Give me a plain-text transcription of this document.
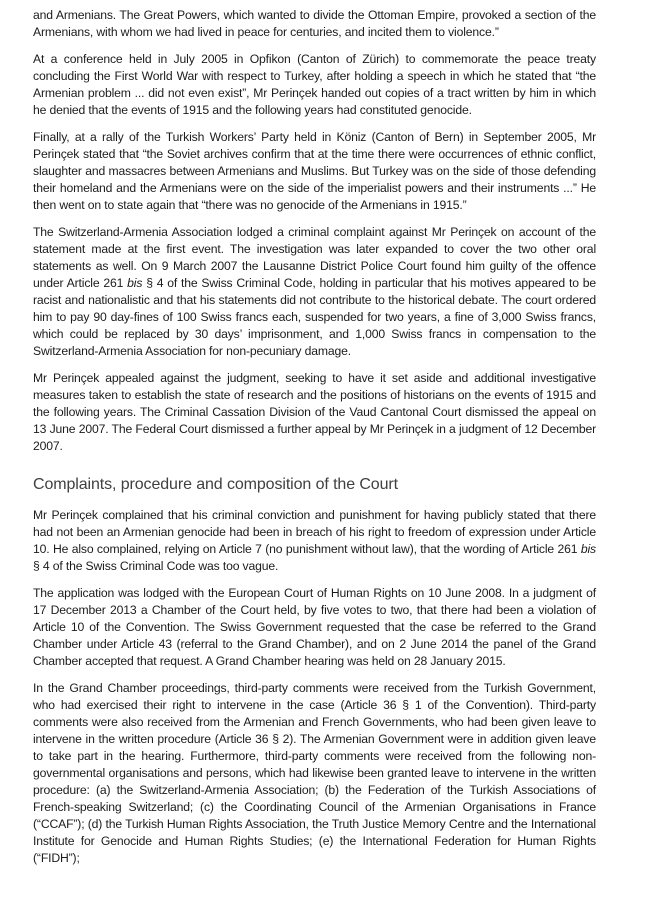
and Armenians. The Great Powers, which wanted to divide the Ottoman Empire, provoked a section of the Armenians, with whom we had lived in peace for centuries, and incited them to violence.”

At a conference held in July 2005 in Opfikon (Canton of Zürich) to commemorate the peace treaty concluding the First World War with respect to Turkey, after holding a speech in which he stated that “the Armenian problem ... did not even exist”, Mr Perinçek handed out copies of a tract written by him in which he denied that the events of 1915 and the following years had constituted genocide.

Finally, at a rally of the Turkish Workers’ Party held in Köniz (Canton of Bern) in September 2005, Mr Perinçek stated that “the Soviet archives confirm that at the time there were occurrences of ethnic conflict, slaughter and massacres between Armenians and Muslims. But Turkey was on the side of those defending their homeland and the Armenians were on the side of the imperialist powers and their instruments ...” He then went on to state again that “there was no genocide of the Armenians in 1915.”

The Switzerland-Armenia Association lodged a criminal complaint against Mr Perinçek on account of the statement made at the first event. The investigation was later expanded to cover the two other oral statements as well. On 9 March 2007 the Lausanne District Police Court found him guilty of the offence under Article 261 bis § 4 of the Swiss Criminal Code, holding in particular that his motives appeared to be racist and nationalistic and that his statements did not contribute to the historical debate. The court ordered him to pay 90 day-fines of 100 Swiss francs each, suspended for two years, a fine of 3,000 Swiss francs, which could be replaced by 30 days’ imprisonment, and 1,000 Swiss francs in compensation to the Switzerland-Armenia Association for non-pecuniary damage.

Mr Perinçek appealed against the judgment, seeking to have it set aside and additional investigative measures taken to establish the state of research and the positions of historians on the events of 1915 and the following years. The Criminal Cassation Division of the Vaud Cantonal Court dismissed the appeal on 13 June 2007. The Federal Court dismissed a further appeal by Mr Perinçek in a judgment of 12 December 2007.

Complaints, procedure and composition of the Court

Mr Perinçek complained that his criminal conviction and punishment for having publicly stated that there had not been an Armenian genocide had been in breach of his right to freedom of expression under Article 10. He also complained, relying on Article 7 (no punishment without law), that the wording of Article 261 bis § 4 of the Swiss Criminal Code was too vague.

The application was lodged with the European Court of Human Rights on 10 June 2008. In a judgment of 17 December 2013 a Chamber of the Court held, by five votes to two, that there had been a violation of Article 10 of the Convention. The Swiss Government requested that the case be referred to the Grand Chamber under Article 43 (referral to the Grand Chamber), and on 2 June 2014 the panel of the Grand Chamber accepted that request. A Grand Chamber hearing was held on 28 January 2015.

In the Grand Chamber proceedings, third-party comments were received from the Turkish Government, who had exercised their right to intervene in the case (Article 36 § 1 of the Convention). Third-party comments were also received from the Armenian and French Governments, who had been given leave to intervene in the written procedure (Article 36 § 2). The Armenian Government were in addition given leave to take part in the hearing. Furthermore, third-party comments were received from the following non-governmental organisations and persons, which had likewise been granted leave to intervene in the written procedure: (a) the Switzerland-Armenia Association; (b) the Federation of the Turkish Associations of French-speaking Switzerland; (c) the Coordinating Council of the Armenian Organisations in France (“CCAF”); (d) the Turkish Human Rights Association, the Truth Justice Memory Centre and the International Institute for Genocide and Human Rights Studies; (e) the International Federation for Human Rights (“FIDH”);
